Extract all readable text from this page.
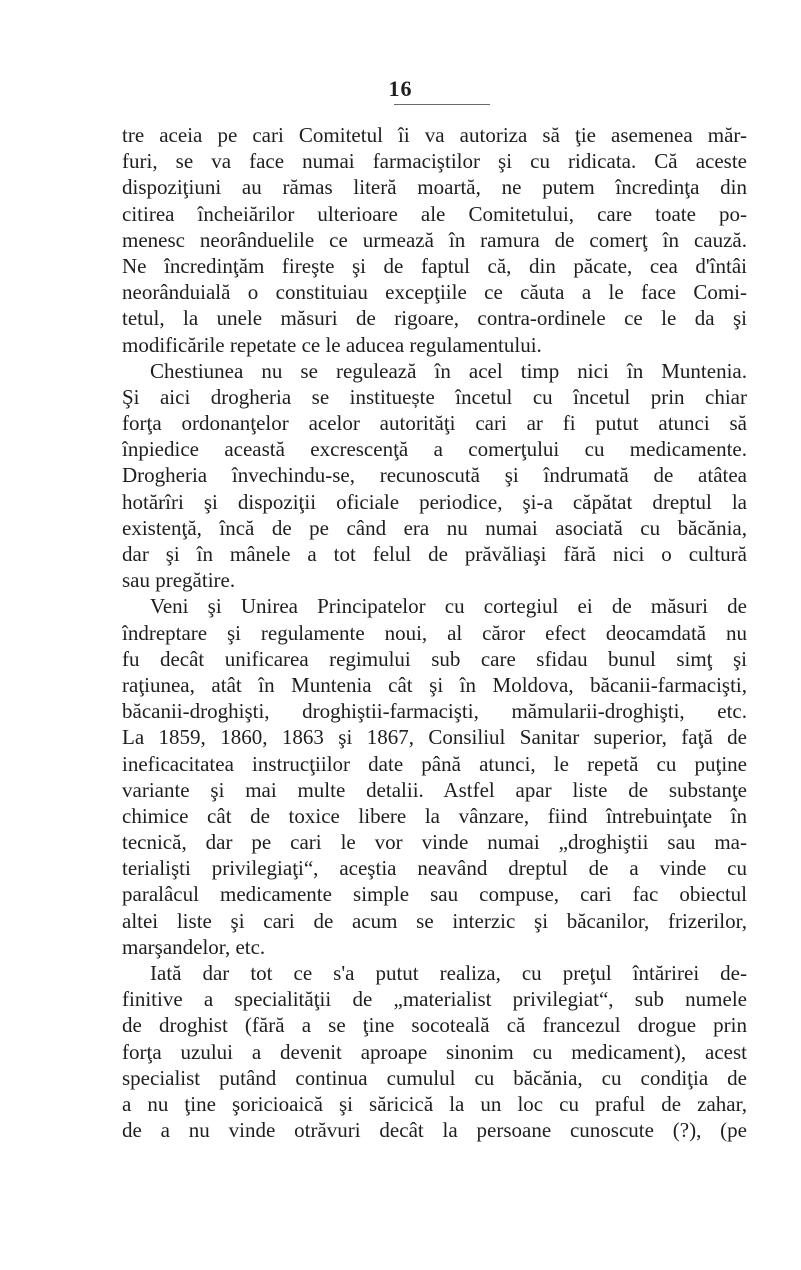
16
tre aceia pe cari Comitetul îi va autoriza să ţie asemenea măr-
furi, se va face numai farmaciştilor şi cu ridicata. Că aceste
dispoziţiuni au rămas literă moartă, ne putem încredinţa din
citirea încheiărilor ulterioare ale Comitetului, care toate po-
menesc neorânduelile ce urmează în ramura de comerţ în cauză.
Ne încredinţăm fireşte şi de faptul că, din păcate, cea d'întâi
neorânduială o constituiau excepţiile ce căuta a le face Comi-
tetul, la unele măsuri de rigoare, contra-ordinele ce le da şi
modificările repetate ce le aducea regulamentului.
Chestiunea nu se regulează în acel timp nici în Muntenia.
Şi aici drogheria se instituește încetul cu încetul prin chiar
forţa ordonanţelor acelor autorităţi cari ar fi putut atunci să
înpiedice această excrescenţă a comerţului cu medicamente.
Drogheria învechindu-se, recunoscută şi îndrumată de atâtea
hotărîri şi dispoziţii oficiale periodice, şi-a căpătat dreptul la
existenţă, încă de pe când era nu numai asociată cu băcănia,
dar şi în mânele a tot felul de prăvăliaşi fără nici o cultură
sau pregătire.
Veni şi Unirea Principatelor cu cortegiul ei de măsuri de
îndreptare şi regulamente noui, al căror efect deocamdată nu
fu decât unificarea regimului sub care sfidau bunul simţ şi
raţiunea, atât în Muntenia cât şi în Moldova, băcanii-farmacişti,
băcanii-droghişti, droghiştii-farmacişti, mămularii-droghişti, etc.
La 1859, 1860, 1863 şi 1867, Consiliul Sanitar superior, faţă de
ineficacitatea instrucţiilor date până atunci, le repetă cu puţine
variante şi mai multe detalii. Astfel apar liste de substanţe
chimice cât de toxice libere la vânzare, fiind întrebuinţate în
tecnică, dar pe cari le vor vinde numai „droghiştii sau ma-
terialişti privilegiaţi“, aceştia neavând dreptul de a vinde cu
paralâcul medicamente simple sau compuse, cari fac obiectul
altei liste şi cari de acum se interzic şi băcanilor, frizerilor,
marşandelor, etc.
Iată dar tot ce s'a putut realiza, cu preţul întărirei de-
finitive a specialităţii de „materialist privilegiat“, sub numele
de droghist (fără a se ţine socoteală că francezul drogue prin
forţa uzului a devenit aproape sinonim cu medicament), acest
specialist putând continua cumulul cu băcănia, cu condiţia de
a nu ţine şoricioaică şi săricică la un loc cu praful de zahar,
de a nu vinde otrăvuri decât la persoane cunoscute (?), (pe
